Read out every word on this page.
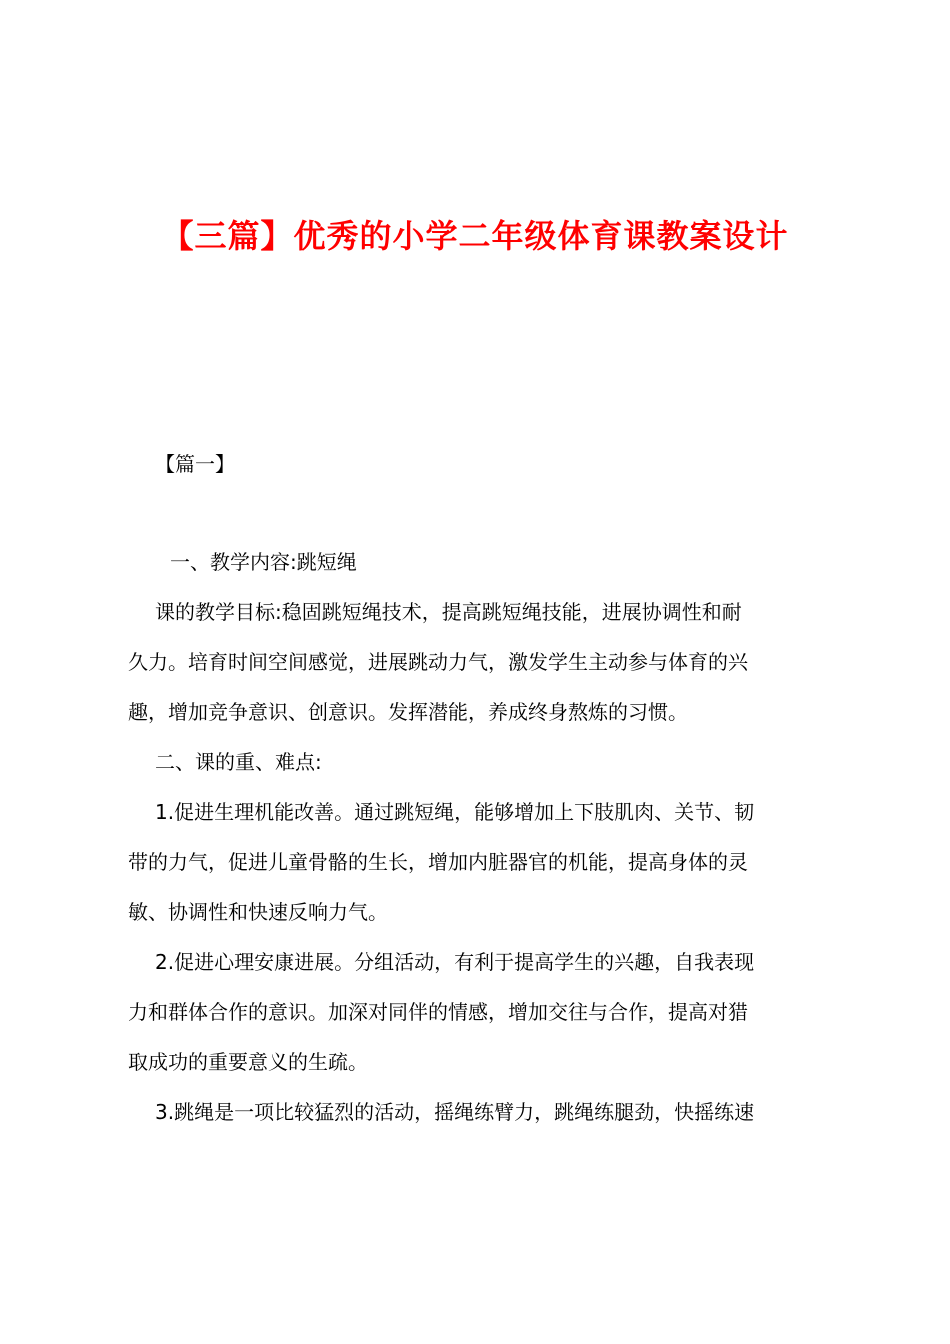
【三篇】优秀的小学二年级体育课教案设计
【篇一】
一、教学内容:跳短绳
课的教学目标:稳固跳短绳技术，提高跳短绳技能，进展协调性和耐
久力。培育时间空间感觉，进展跳动力气，激发学生主动参与体育的兴
趣，增加竞争意识、创意识。发挥潜能，养成终身熬炼的习惯。
二、课的重、难点:
1.促进生理机能改善。通过跳短绳，能够增加上下肢肌肉、关节、韧
带的力气，促进儿童骨骼的生长，增加内脏器官的机能，提高身体的灵
敏、协调性和快速反响力气。
2.促进心理安康进展。分组活动，有利于提高学生的兴趣，自我表现
力和群体合作的意识。加深对同伴的情感，增加交往与合作，提高对猎
取成功的重要意义的生疏。
3.跳绳是一项比较猛烈的活动，摇绳练臂力，跳绳练腿劲，快摇练速
